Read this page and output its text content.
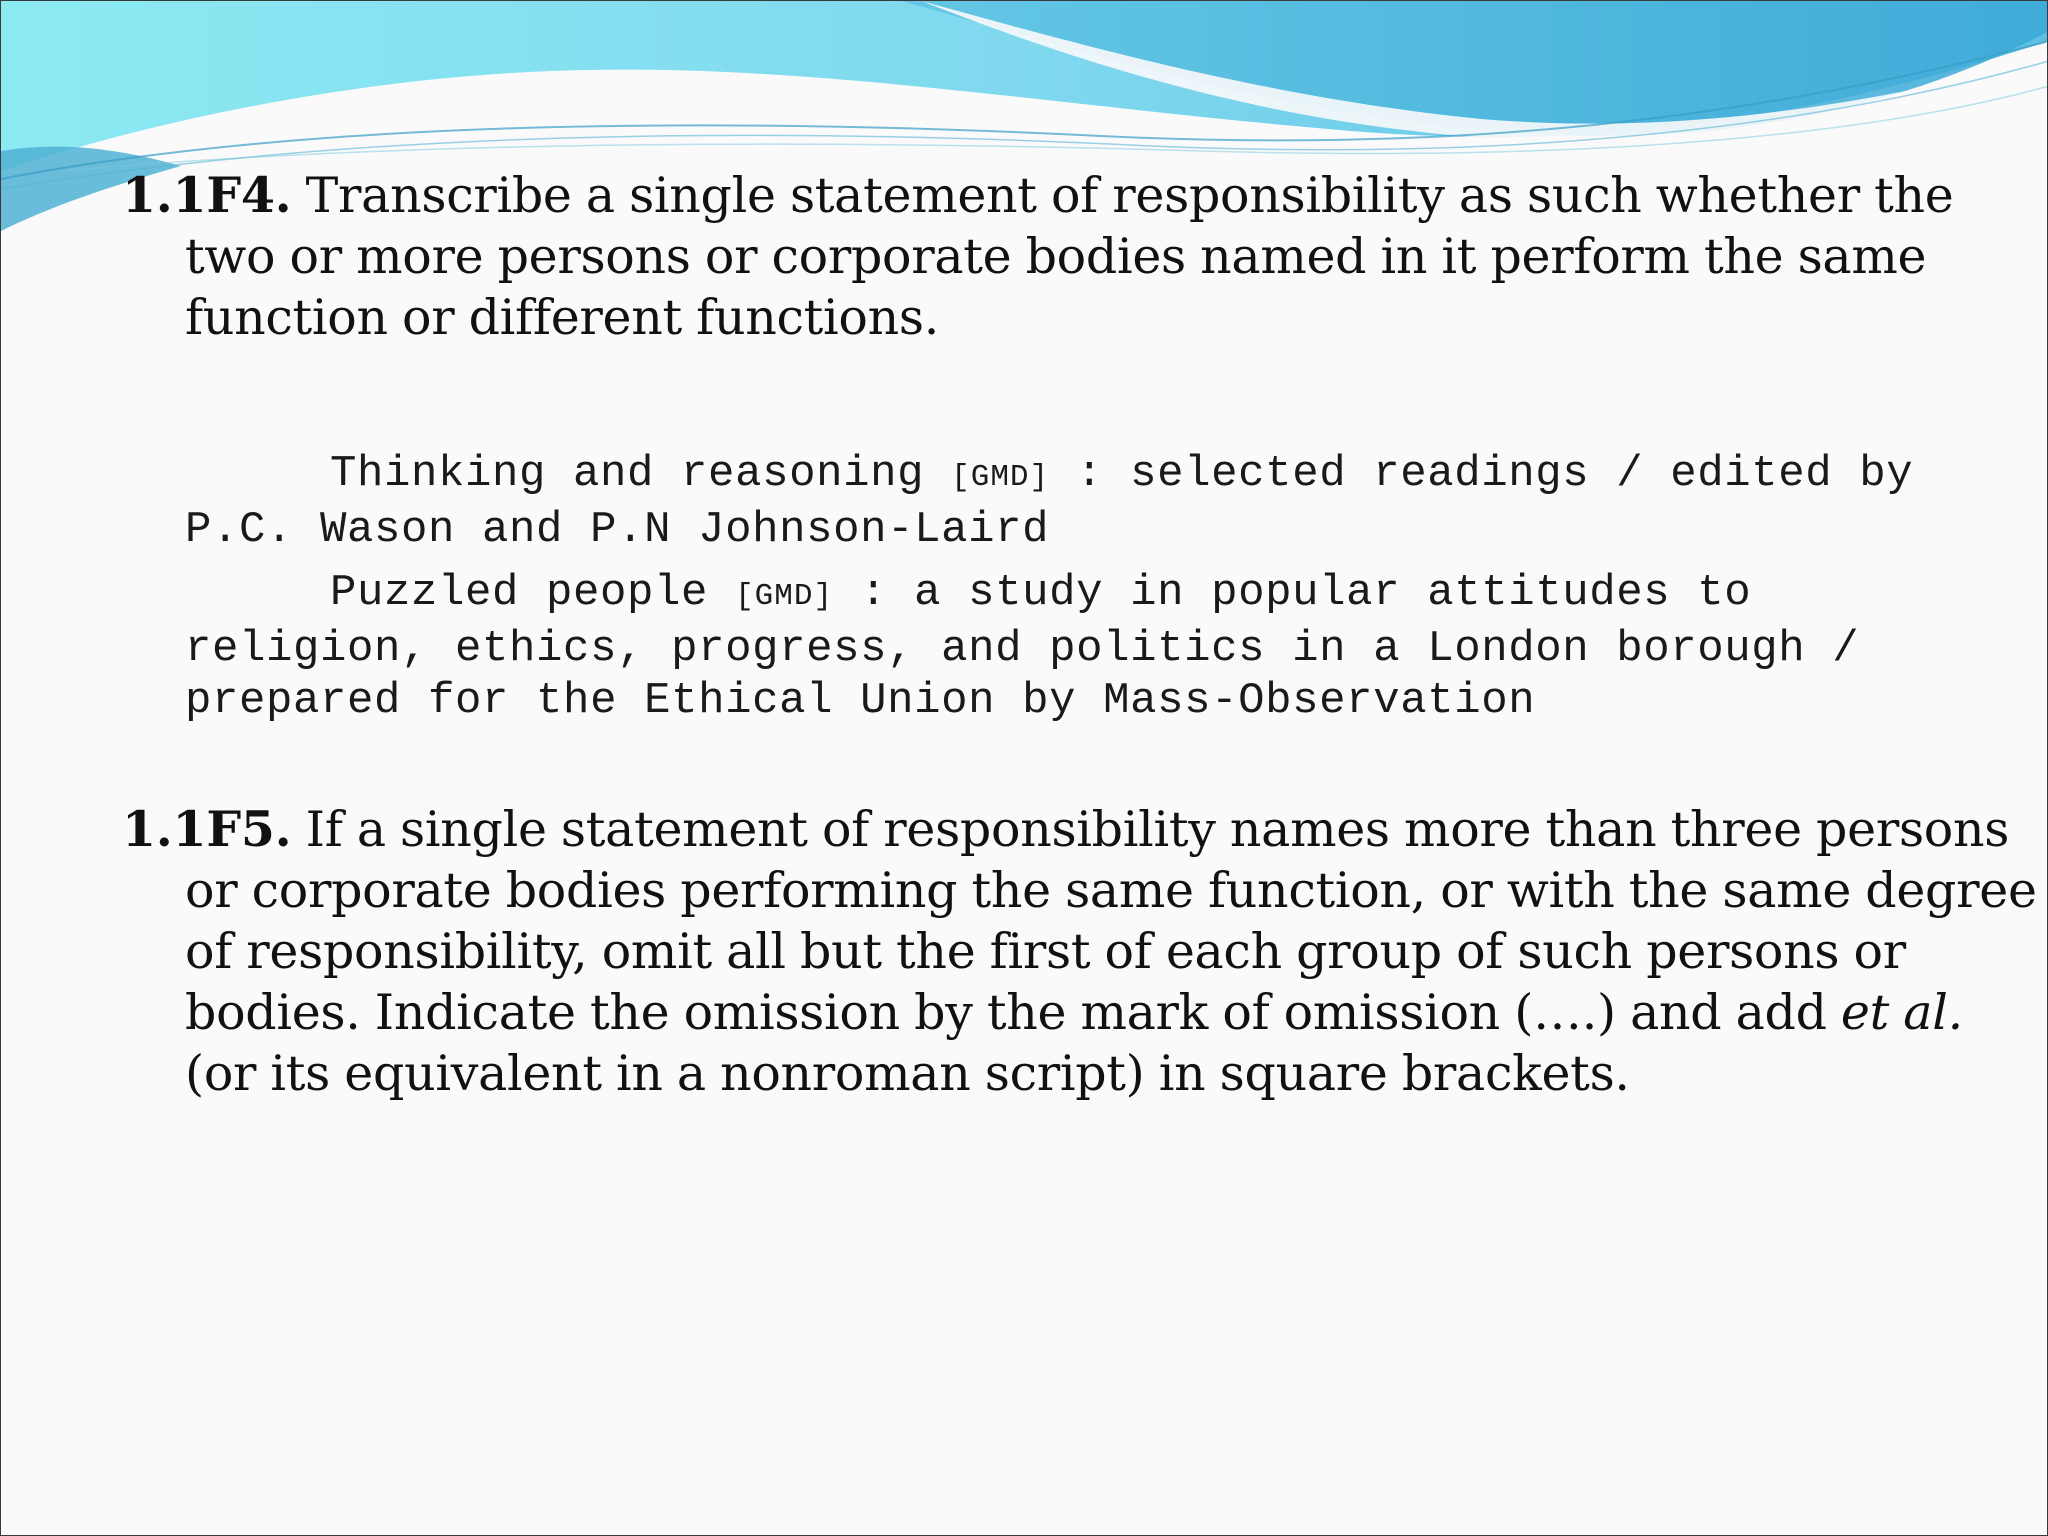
1.1F4. Transcribe a single statement of responsibility as such whether the two or more persons or corporate bodies named in it perform the same function or different functions.
Thinking and reasoning [GMD] : selected readings / edited by P.C. Wason and P.N Johnson-Laird
Puzzled people [GMD] : a study in popular attitudes to religion, ethics, progress, and politics in a London borough / prepared for the Ethical Union by Mass-Observation
1.1F5. If a single statement of responsibility names more than three persons or corporate bodies performing the same function, or with the same degree of responsibility, omit all but the first of each group of such persons or bodies. Indicate the omission by the mark of omission (….) and add et al. (or its equivalent in a nonroman script) in square brackets.
